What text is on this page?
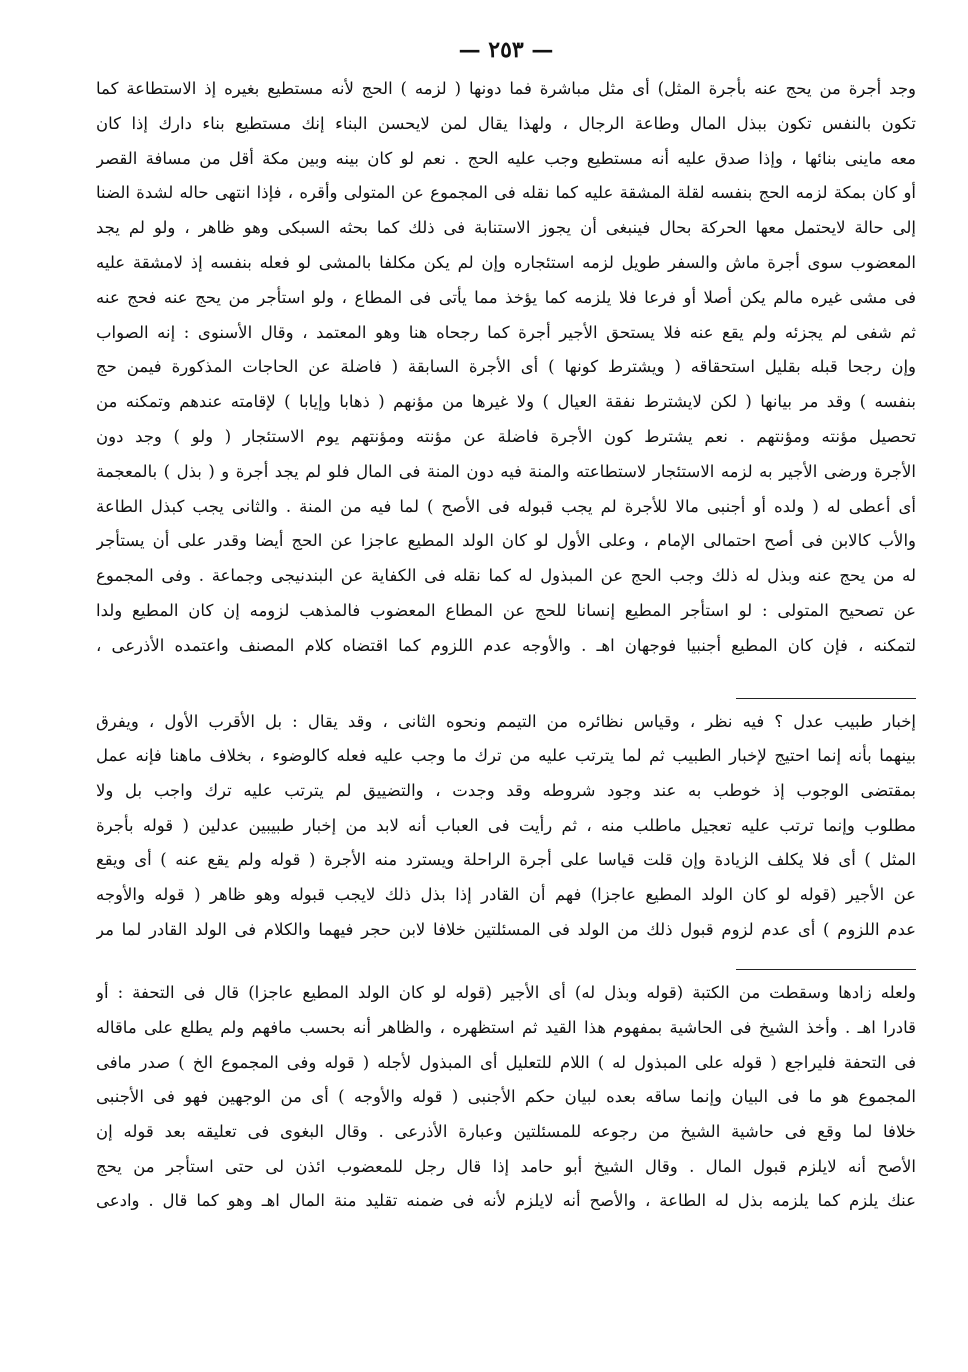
— ٢٥٣ —
وجد أجرة من يحج عنه بأجرة المثل) أى مثل مباشرة فما دونها ( لزمه ) الحج لأنه مستطيع بغيره إذ الاستطاعة كما
تكون بالنفس تكون ببذل المال وطاعة الرجال ، ولهذا يقال لمن لايحسن البناء إنك مستطيع بناء دارك إذا كان
معه ماينى بنائها ، وإذا صدق عليه أنه مستطيع وجب عليه الحج . نعم لو كان بينه وبين مكة أقل من مسافة القصر
أو كان بمكة لزمه الحج بنفسه لقلة المشقة عليه كما نقله فى المجموع عن المتولى وأقره ، فإذا انتهى حاله لشدة الضنا
إلى حالة لايحتمل معها الحركة بحال فينبغى أن يجوز الاستنابة فى ذلك كما بحثه السبكى وهو ظاهر ، ولو لم يجد
المعضوب سوى أجرة ماش والسفر طويل لزمه استئجاره وإن لم يكن مكلفا بالمشى لو فعله بنفسه إذ لامشقة عليه
فى مشى غيره مالم يكن أصلا أو فرعا فلا يلزمه كما يؤخذ مما يأتى فى المطاع ، ولو استأجر من يحج عنه فحج عنه
ثم شفى لم يجزئه ولم يقع عنه فلا يستحق الأجير أجرة كما رجحاه هنا وهو المعتمد ، وقال الأسنوى : إنه الصواب
وإن رجحا قبله بقليل استحقاقه ( ويشترط كونها ) أى الأجرة السابقة ( فاضلة عن الحاجات المذكورة فيمن حج
بنفسه ) وقد مر بيانها ( لكن لايشترط نفقة العيال ) ولا غيرها من مؤنهم ( ذهابا وإيابا ) لإقامته عندهم وتمكنه من
تحصيل مؤنته ومؤنتهم . نعم يشترط كون الأجرة فاضلة عن مؤنته ومؤنتهم يوم الاستئجار ( ولو ) وجد دون
الأجرة ورضى الأجير به لزمه الاستئجار لاستطاعته والمنة فيه دون المنة فى المال فلو لم يجد أجرة و ( بذل ) بالمعجمة
أى أعطى له ( ولده أو أجنبى مالا للأجرة لم يجب قبوله فى الأصح ) لما فيه من المنة . والثانى يجب كبذل الطاعة
والأب كالابن فى أصح احتمالى الإمام ، وعلى الأول لو كان الولد المطيع عاجزا عن الحج أيضا وقدر على أن يستأجر
له من يحج عنه وبذل له ذلك وجب الحج عن المبذول له كما نقله فى الكفاية عن البندنيجى وجماعة . وفى المجموع
عن تصحيح المتولى : لو استأجر المطيع إنسانا للحج عن المطاع المعضوب فالمذهب لزومه إن كان المطيع ولدا
لتمكنه ، فإن كان المطيع أجنبيا فوجهان اهـ . والأوجه عدم اللزوم كما اقتضاه كلام المصنف واعتمده الأذرعى ،
إخبار طبيب عدل ؟ فيه نظر ، وقياس نظائره من التيمم ونحوه الثانى ، وقد يقال : بل الأقرب الأول ، ويفرق
بينهما بأنه إنما احتيج لإخبار الطبيب ثم لما يترتب عليه من ترك ما وجب عليه فعله كالوضوء ، بخلاف ماهنا فإنه عمل
بمقتضى الوجوب إذ خوطب به عند وجود شروطه وقد وجدت ، والتضييق لم يترتب عليه ترك واجب بل ولا
مطلوب وإنما ترتب عليه تعجيل ماطلب منه ، ثم رأيت فى العباب أنه لابد من إخبار طبيبين عدلين ( قوله بأجرة
المثل ) أى فلا يكلف الزيادة وإن قلت قياسا على أجرة الراحلة ويسترد منه الأجرة ( قوله ولم يقع عنه ) أى ويقع
عن الأجير (قوله لو كان الولد المطيع عاجزا) فهم أن القادر إذا بذل ذلك لايجب قبوله وهو ظاهر ( قوله والأوجه
عدم اللزوم ) أى عدم لزوم قبول ذلك من الولد فى المسئلتين خلافا لابن حجر فيهما والكلام فى الولد القادر لما مر
ولعله زادها وسقطت من الكتبة (قوله وبذل له) أى الأجير (قوله لو كان الولد المطيع عاجزا) قال فى التحفة : أو
قادرا اهـ . وأخذ الشيخ فى الحاشية بمفهوم هذا القيد ثم استظهره ، والظاهر أنه بحسب مافهم ولم يطلع على ماقاله
فى التحفة فليراجع ( قوله على المبذول له ) اللام للتعليل أى المبذول لأجله ( قوله وفى المجموع الخ ) صدر مافى
المجموع هو ما فى البيان وإنما ساقه بعده لبيان حكم الأجنبى ( قوله والأوجه ) أى من الوجهين فهو فى الأجنبى
خلافا لما وقع فى حاشية الشيخ من رجوعه للمسئلتين وعبارة الأذرعى . وقال البغوى فى تعليقه بعد قوله إن
الأصح أنه لايلزم قبول المال . وقال الشيخ أبو حامد إذا قال رجل للمعضوب ائذن لى حتى استأجر من يحج
عنك يلزم كما يلزمه بذل له الطاعة ، والأصح أنه لايلزم لأنه فى ضمنه تقليد منة المال اهـ وهو كما قال . وادعى
